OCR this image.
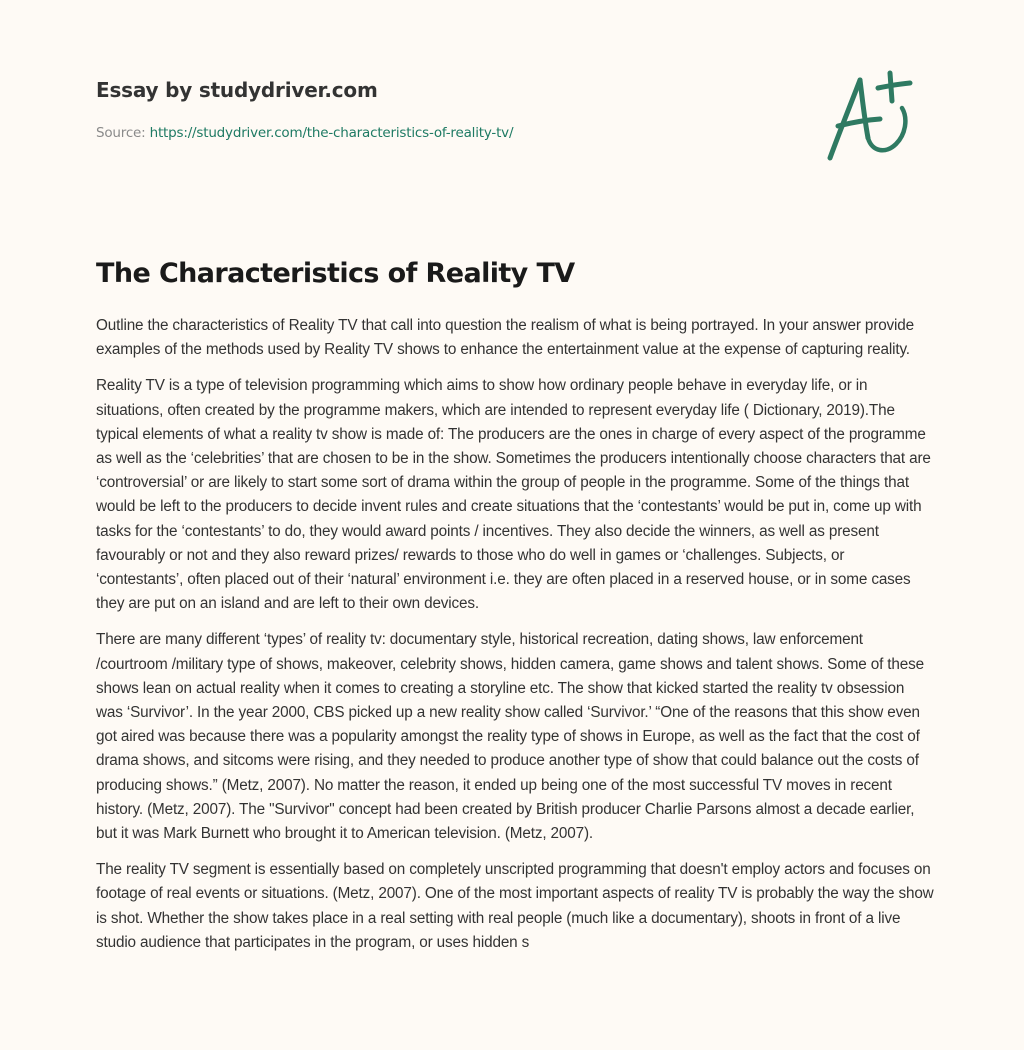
Essay by studydriver.com
Source: https://studydriver.com/the-characteristics-of-reality-tv/
The Characteristics of Reality TV

Outline the characteristics of Reality TV that call into question the realism of what is being portrayed. In your answer provide examples of the methods used by Reality TV shows to enhance the entertainment value at the expense of capturing reality.

Reality TV is a type of television programming which aims to show how ordinary people behave in everyday life, or in situations, often created by the programme makers, which are intended to represent everyday life ( Dictionary, 2019).The typical elements of what a reality tv show is made of: The producers are the ones in charge of every aspect of the programme as well as the ‘celebrities’ that are chosen to be in the show. Sometimes the producers intentionally choose characters that are ‘controversial’ or are likely to start some sort of drama within the group of people in the programme. Some of the things that would be left to the producers to decide invent rules and create situations that the ‘contestants’ would be put in, come up with tasks for the ‘contestants’ to do, they would award points / incentives. They also decide the winners, as well as present favourably or not and they also reward prizes/ rewards to those who do well in games or ‘challenges. Subjects, or ‘contestants’, often placed out of their ‘natural’ environment i.e. they are often placed in a reserved house, or in some cases they are put on an island and are left to their own devices.

There are many different ‘types’ of reality tv: documentary style, historical recreation, dating shows, law enforcement /courtroom /military type of shows, makeover, celebrity shows, hidden camera, game shows and talent shows. Some of these shows lean on actual reality when it comes to creating a storyline etc. The show that kicked started the reality tv obsession was ‘Survivor’. In the year 2000, CBS picked up a new reality show called ‘Survivor.’ “One of the reasons that this show even got aired was because there was a popularity amongst the reality type of shows in Europe, as well as the fact that the cost of drama shows, and sitcoms were rising, and they needed to produce another type of show that could balance out the costs of producing shows.” (Metz, 2007). No matter the reason, it ended up being one of the most successful TV moves in recent history. (Metz, 2007). The "Survivor" concept had been created by British producer Charlie Parsons almost a decade earlier, but it was Mark Burnett who brought it to American television. (Metz, 2007).

The reality TV segment is essentially based on completely unscripted programming that doesn't employ actors and focuses on footage of real events or situations. (Metz, 2007). One of the most important aspects of reality TV is probably the way the show is shot. Whether the show takes place in a real setting with real people (much like a documentary), shoots in front of a live studio audience that participates in the program, or uses hidden s
